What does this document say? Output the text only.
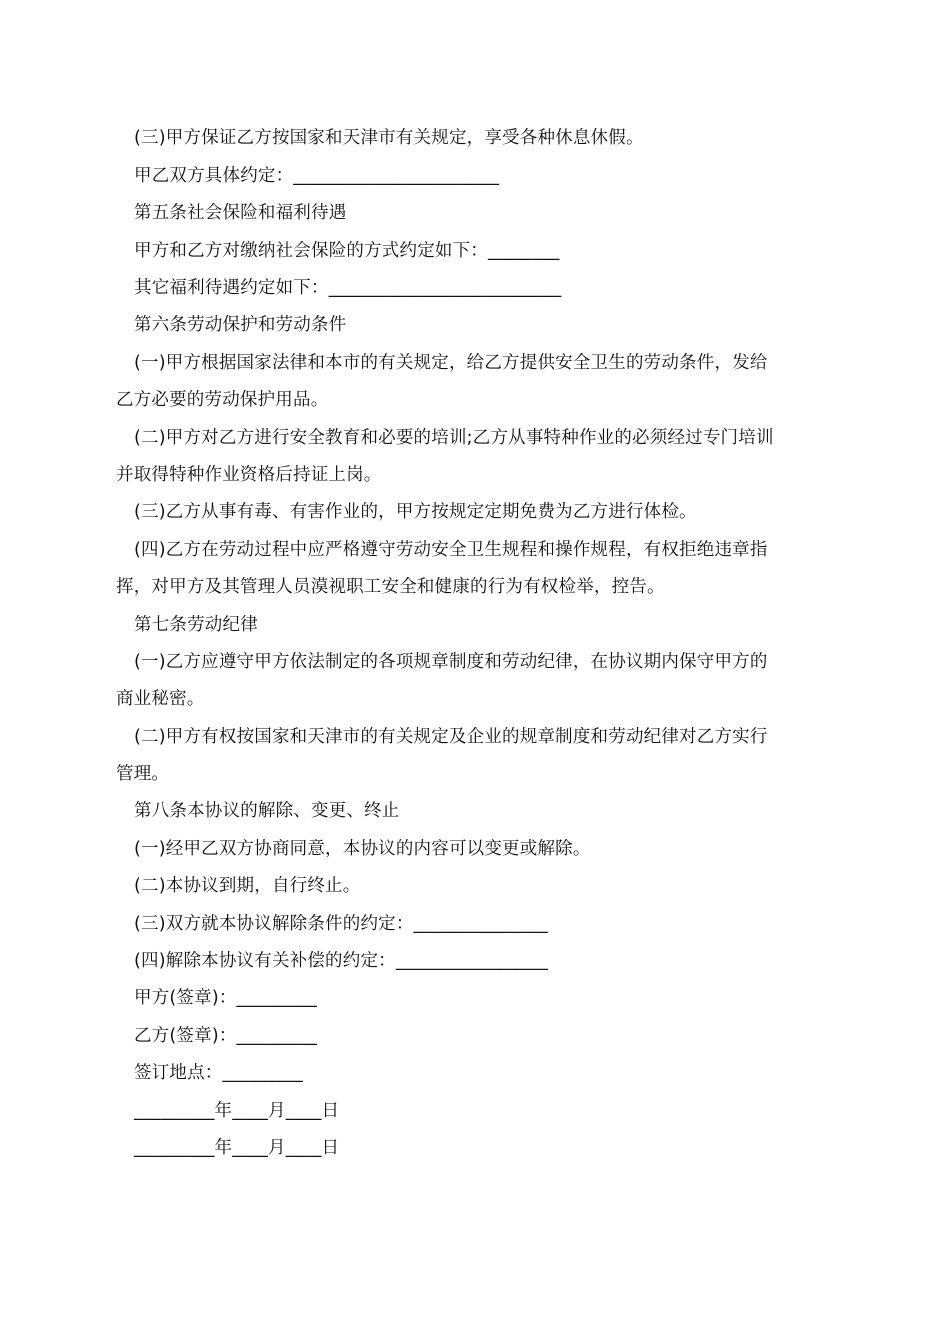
(三)甲方保证乙方按国家和天津市有关规定，享受各种休息休假。
甲乙双方具体约定：_______________________
第五条社会保险和福利待遇
甲方和乙方对缴纳社会保险的方式约定如下：________
其它福利待遇约定如下：__________________________
第六条劳动保护和劳动条件
(一)甲方根据国家法律和本市的有关规定，给乙方提供安全卫生的劳动条件，发给
乙方必要的劳动保护用品。
(二)甲方对乙方进行安全教育和必要的培训;乙方从事特种作业的必须经过专门培训
并取得特种作业资格后持证上岗。
(三)乙方从事有毒、有害作业的，甲方按规定定期免费为乙方进行体检。
(四)乙方在劳动过程中应严格遵守劳动安全卫生规程和操作规程，有权拒绝违章指
挥，对甲方及其管理人员漠视职工安全和健康的行为有权检举，控告。
第七条劳动纪律
(一)乙方应遵守甲方依法制定的各项规章制度和劳动纪律，在协议期内保守甲方的
商业秘密。
(二)甲方有权按国家和天津市的有关规定及企业的规章制度和劳动纪律对乙方实行
管理。
第八条本协议的解除、变更、终止
(一)经甲乙双方协商同意，本协议的内容可以变更或解除。
(二)本协议到期，自行终止。
(三)双方就本协议解除条件的约定：_______________
(四)解除本协议有关补偿的约定：_________________
甲方(签章)：_________
乙方(签章)：_________
签订地点：_________
_________年____月____日
_________年____月____日
